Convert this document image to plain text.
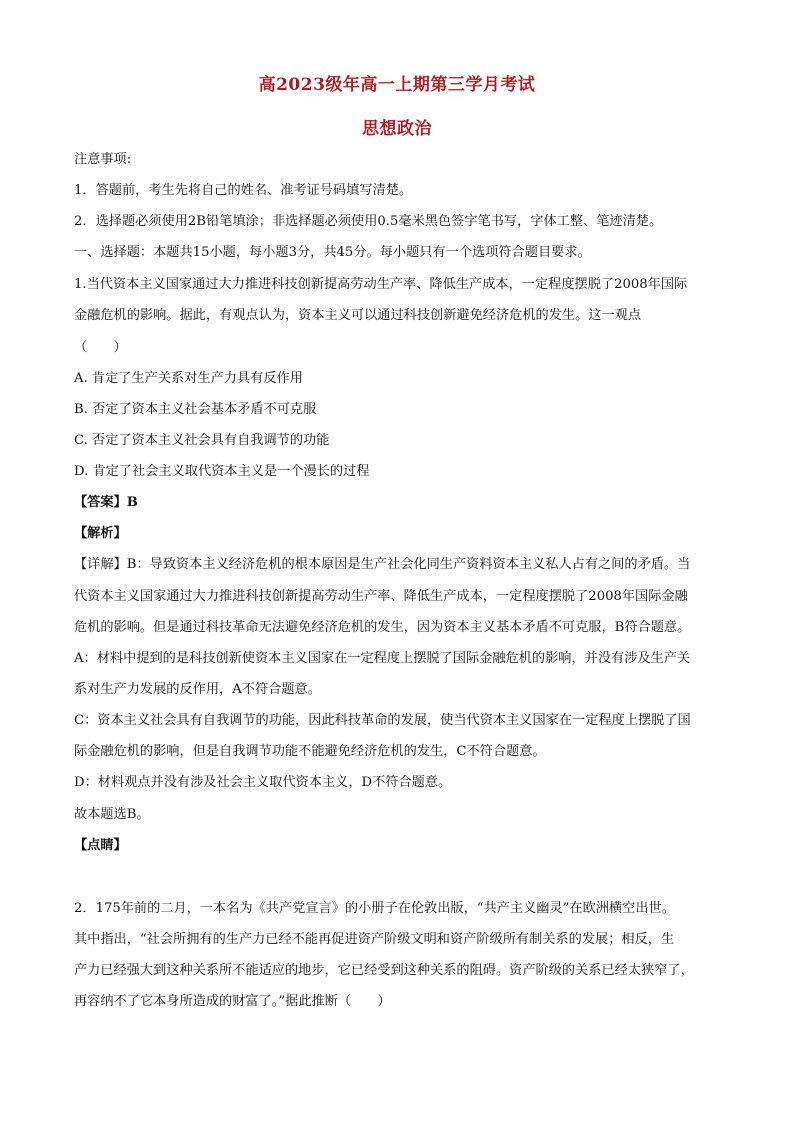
高2023级年高一上期第三学月考试
思想政治
注意事项:
1．答题前，考生先将自己的姓名、准考证号码填写清楚。
2．选择题必须使用2B铅笔填涂；非选择题必须使用0.5毫米黑色签字笔书写，字体工整、笔迹清楚。
一、选择题：本题共15小题，每小题3分，共45分。每小题只有一个选项符合题目要求。
1.当代资本主义国家通过大力推进科技创新提高劳动生产率、降低生产成本，一定程度摆脱了2008年国际
金融危机的影响。据此，有观点认为，资本主义可以通过科技创新避免经济危机的发生。这一观点
（　　）
A. 肯定了生产关系对生产力具有反作用
B. 否定了资本主义社会基本矛盾不可克服
C. 否定了资本主义社会具有自我调节的功能
D. 肯定了社会主义取代资本主义是一个漫长的过程
【答案】B
【解析】
【详解】B：导致资本主义经济危机的根本原因是生产社会化同生产资料资本主义私人占有之间的矛盾。当
代资本主义国家通过大力推进科技创新提高劳动生产率、降低生产成本，一定程度摆脱了2008年国际金融
危机的影响。但是通过科技革命无法避免经济危机的发生，因为资本主义基本矛盾不可克服，B符合题意。
A：材料中提到的是科技创新使资本主义国家在一定程度上摆脱了国际金融危机的影响，并没有涉及生产关
系对生产力发展的反作用，A不符合题意。
C：资本主义社会具有自我调节的功能，因此科技革命的发展，使当代资本主义国家在一定程度上摆脱了国
际金融危机的影响，但是自我调节功能不能避免经济危机的发生，C不符合题意。
D：材料观点并没有涉及社会主义取代资本主义，D不符合题意。
故本题选B。
【点睛】
2．175年前的二月，一本名为《共产党宣言》的小册子在伦敦出版，“共产主义幽灵”在欧洲横空出世。
其中指出，“社会所拥有的生产力已经不能再促进资产阶级文明和资产阶级所有制关系的发展；相反，生
产力已经强大到这种关系所不能适应的地步，它已经受到这种关系的阻碍。资产阶级的关系已经太狭窄了，
再容纳不了它本身所造成的财富了。”据此推断（　　）
